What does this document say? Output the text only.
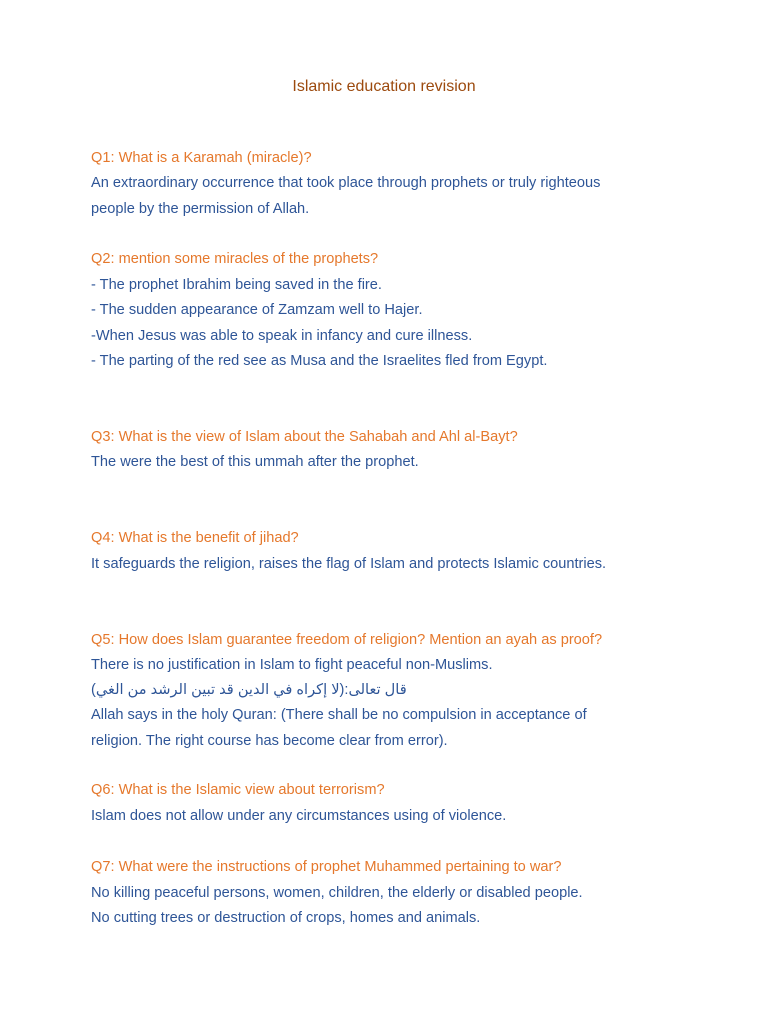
Islamic education revision
Q1: What is a Karamah (miracle)?
An extraordinary occurrence that took place through prophets or truly righteous
people by the permission of Allah.
Q2: mention some miracles of the prophets?
- The prophet Ibrahim being saved in the fire.
- The sudden appearance of Zamzam well to Hajer.
-When Jesus was able to speak in infancy and cure illness.
- The parting of the red see as Musa and the Israelites fled from Egypt.
Q3: What is the view of Islam about the Sahabah and Ahl al-Bayt?
The were the best of this ummah after the prophet.
Q4: What is the benefit of jihad?
It safeguards the religion, raises the flag of Islam and protects Islamic countries.
Q5: How does Islam guarantee freedom of religion? Mention an ayah as proof?
There is no justification in Islam to fight peaceful non-Muslims.
قال تعالى:(لا إكراه في الدين قد تبين الرشد من الغي)
Allah says in the holy Quran: (There shall be no compulsion in acceptance of
religion. The right course has become clear from error).
Q6: What is the Islamic view about terrorism?
Islam does not allow under any circumstances using of violence.
Q7: What were the instructions of prophet Muhammed pertaining to war?
No killing peaceful persons, women, children, the elderly or disabled people.
No cutting trees or destruction of crops, homes and animals.
